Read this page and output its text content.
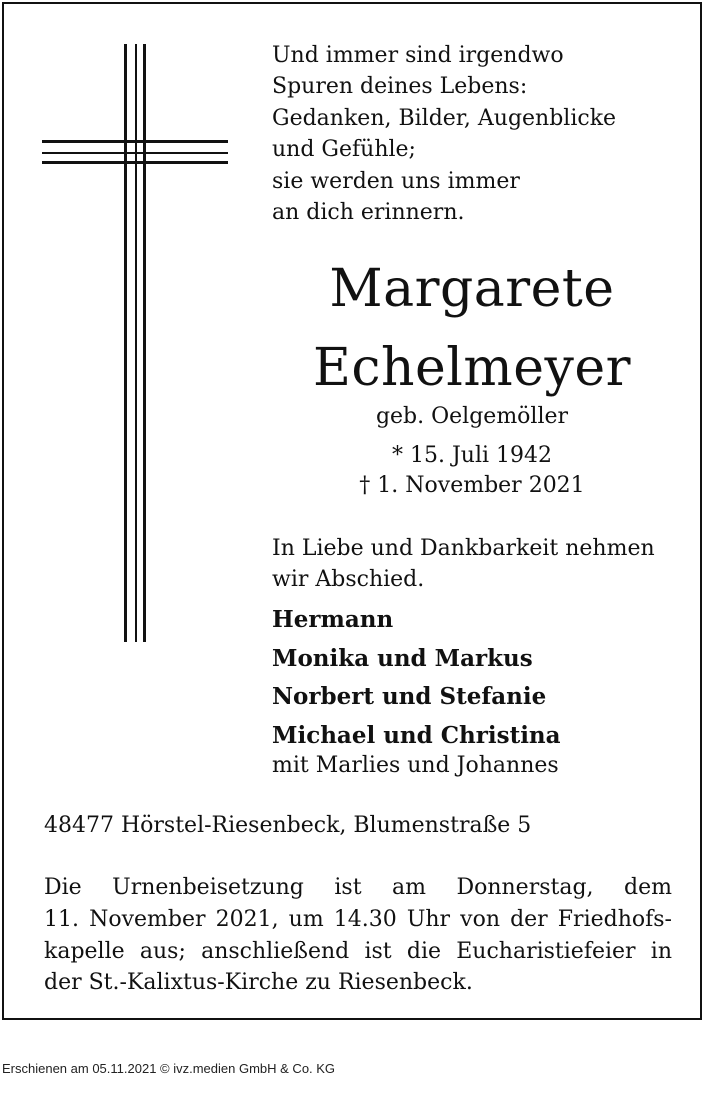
Und immer sind irgendwo
Spuren deines Lebens:
Gedanken, Bilder, Augenblicke
und Gefühle;
sie werden uns immer
an dich erinnern.
Margarete
Echelmeyer
geb. Oelgemöller
* 15. Juli 1942
† 1. November 2021
In Liebe und Dankbarkeit nehmen
wir Abschied.
Hermann
Monika und Markus
Norbert und Stefanie
Michael und Christina
mit Marlies und Johannes
48477 Hörstel-Riesenbeck, Blumenstraße 5
Die Urnenbeisetzung ist am Donnerstag, dem
11. November 2021, um 14.30 Uhr von der Friedhofs-
kapelle aus; anschließend ist die Eucharistiefeier in
der St.-Kalixtus-Kirche zu Riesenbeck.
Erschienen am 05.11.2021 © ivz.medien GmbH & Co. KG
